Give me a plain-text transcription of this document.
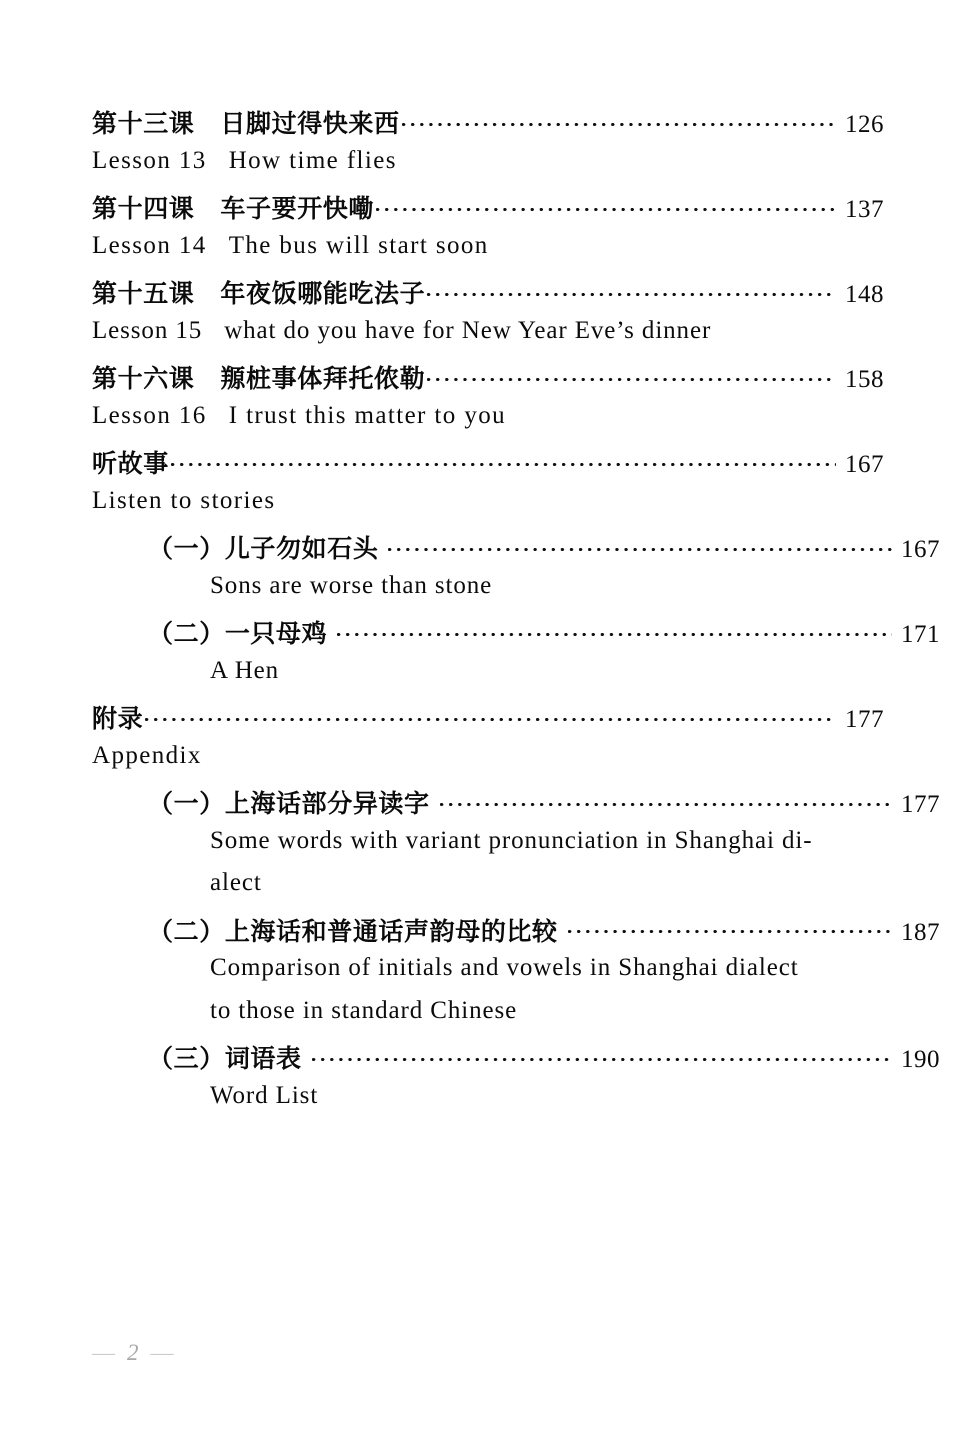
第十三课 日脚过得快来西	126
Lesson 13 How time flies
第十四课 车子要开快嘞	137
Lesson 14 The bus will start soon
第十五课 年夜饭哪能吃法子	148
Lesson 15 what do you have for New Year Eve’s dinner
第十六课 羱桩事体拜托侬勒	158
Lesson 16 I trust this matter to you
听故事	167
Listen to stories
（一）儿子勿如石头	167
Sons are worse than stone
（二）一只母鸡	171
A Hen
附录	177
Appendix
（一）上海话部分异读字	177
Some words with variant pronunciation in Shanghai di-
alect
（二）上海话和普通话声韵母的比较	187
Comparison of initials and vowels in Shanghai dialect
to those in standard Chinese
（三）词语表	190
Word List
— 2 —
